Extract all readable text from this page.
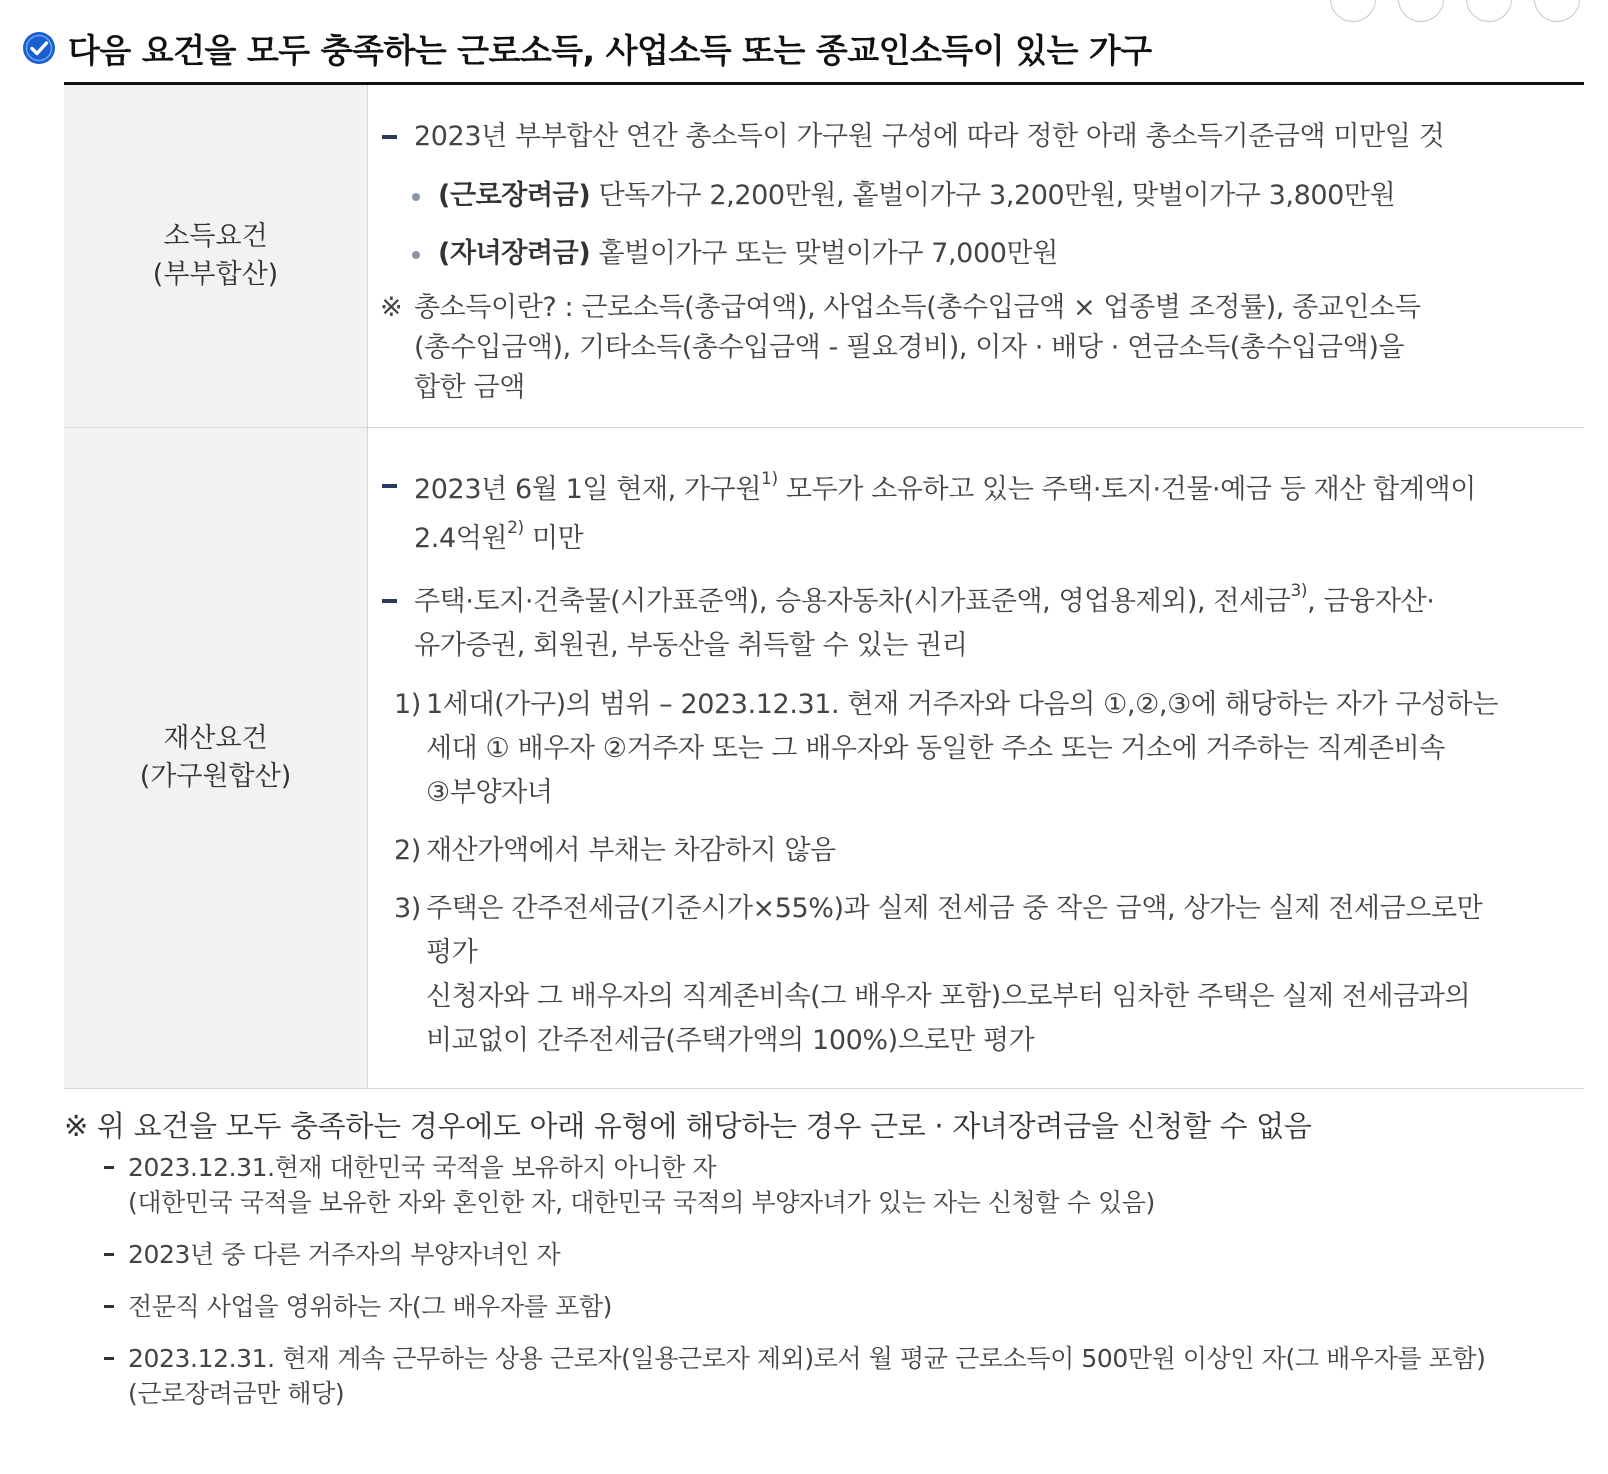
다음 요건을 모두 충족하는 근로소득, 사업소득 또는 종교인소득이 있는 가구
소득요건
(부부합산)
2023년 부부합산 연간 총소득이 가구원 구성에 따라 정한 아래 총소득기준금액 미만일 것
(근로장려금) 단독가구 2,200만원, 홑벌이가구 3,200만원, 맞벌이가구 3,800만원
(자녀장려금) 홑벌이가구 또는 맞벌이가구 7,000만원
※ 총소득이란? : 근로소득(총급여액), 사업소득(총수입금액 × 업종별 조정률), 종교인소득
(총수입금액), 기타소득(총수입금액 - 필요경비), 이자 · 배당 · 연금소득(총수입금액)을
합한 금액
재산요건
(가구원합산)
2023년 6월 1일 현재, 가구원$^{1)}$ 모두가 소유하고 있는 주택·토지·건물·예금 등 재산 합계액이
2.4억원$^{2)}$ 미만
주택·토지·건축물(시가표준액), 승용자동차(시가표준액, 영업용제외), 전세금$^{3)}$, 금융자산·
유가증권, 회원권, 부동산을 취득할 수 있는 권리
1) 1세대(가구)의 범위 – 2023.12.31. 현재 거주자와 다음의 ①,②,③에 해당하는 자가 구성하는
세대 ① 배우자 ②거주자 또는 그 배우자와 동일한 주소 또는 거소에 거주하는 직계존비속
③부양자녀
2) 재산가액에서 부채는 차감하지 않음
3) 주택은 간주전세금(기준시가×55%)과 실제 전세금 중 작은 금액, 상가는 실제 전세금으로만
평가
신청자와 그 배우자의 직계존비속(그 배우자 포함)으로부터 임차한 주택은 실제 전세금과의
비교없이 간주전세금(주택가액의 100%)으로만 평가
※ 위 요건을 모두 충족하는 경우에도 아래 유형에 해당하는 경우 근로 · 자녀장려금을 신청할 수 없음
2023.12.31.현재 대한민국 국적을 보유하지 아니한 자
(대한민국 국적을 보유한 자와 혼인한 자, 대한민국 국적의 부양자녀가 있는 자는 신청할 수 있음)
2023년 중 다른 거주자의 부양자녀인 자
전문직 사업을 영위하는 자(그 배우자를 포함)
2023.12.31. 현재 계속 근무하는 상용 근로자(일용근로자 제외)로서 월 평균 근로소득이 500만원 이상인 자(그 배우자를 포함)
(근로장려금만 해당)
